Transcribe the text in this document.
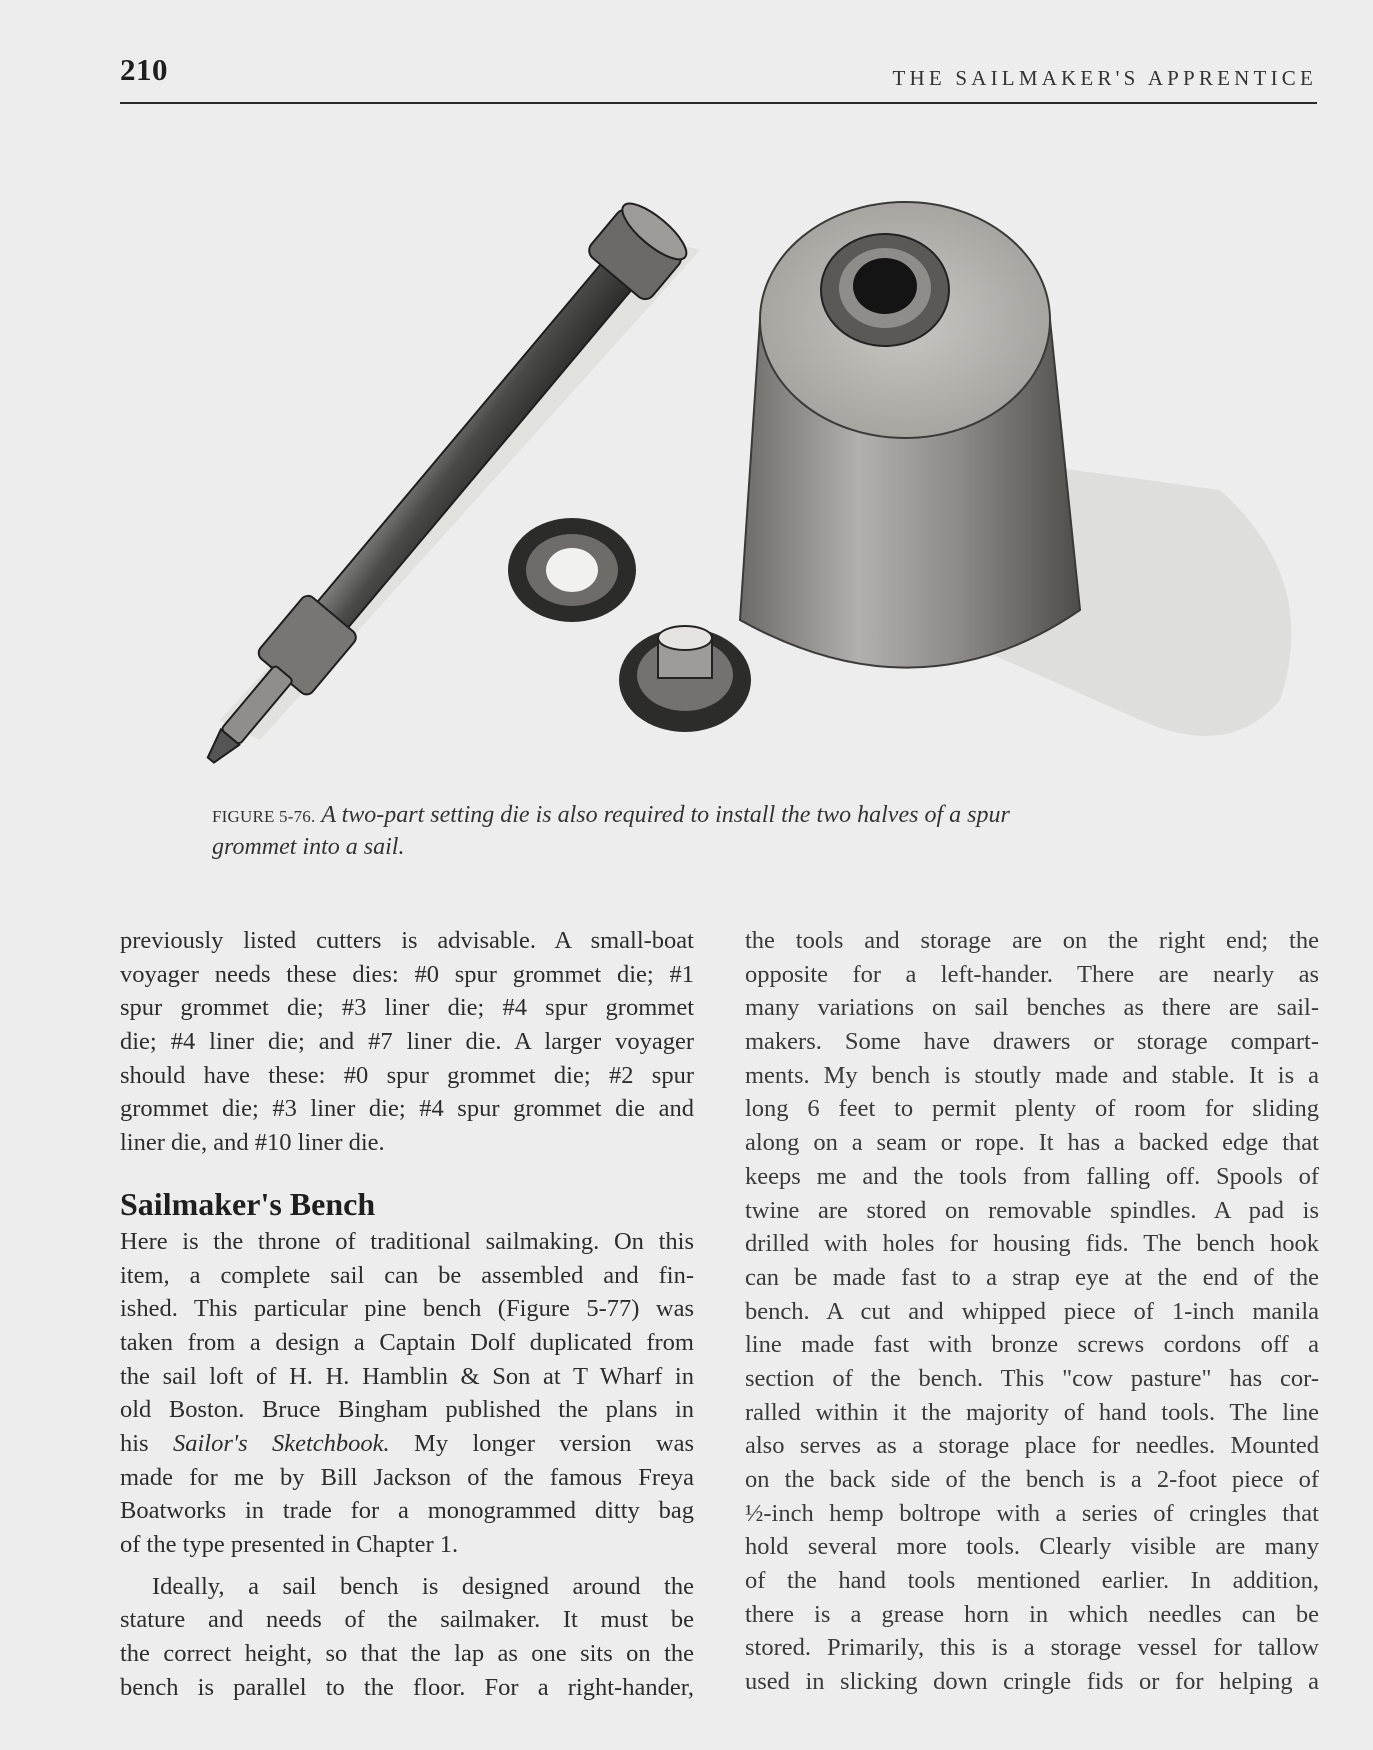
210	THE SAILMAKER'S APPRENTICE
FIGURE 5-76. A two-part setting die is also required to install the two halves of a spur
grommet into a sail.

previously listed cutters is advisable. A small-boat
voyager needs these dies: #0 spur grommet die; #1
spur grommet die; #3 liner die; #4 spur grommet
die; #4 liner die; and #7 liner die. A larger voyager
should have these: #0 spur grommet die; #2 spur
grommet die; #3 liner die; #4 spur grommet die and
liner die, and #10 liner die.

Sailmaker's Bench

Here is the throne of traditional sailmaking. On this
item, a complete sail can be assembled and fin-
ished. This particular pine bench (Figure 5-77) was
taken from a design a Captain Dolf duplicated from
the sail loft of H. H. Hamblin & Son at T Wharf in
old Boston. Bruce Bingham published the plans in
his Sailor's Sketchbook. My longer version was
made for me by Bill Jackson of the famous Freya
Boatworks in trade for a monogrammed ditty bag
of the type presented in Chapter 1.

Ideally, a sail bench is designed around the
stature and needs of the sailmaker. It must be
the correct height, so that the lap as one sits on the
bench is parallel to the floor. For a right-hander,

the tools and storage are on the right end; the
opposite for a left-hander. There are nearly as
many variations on sail benches as there are sail-
makers. Some have drawers or storage compart-
ments. My bench is stoutly made and stable. It is a
long 6 feet to permit plenty of room for sliding
along on a seam or rope. It has a backed edge that
keeps me and the tools from falling off. Spools of
twine are stored on removable spindles. A pad is
drilled with holes for housing fids. The bench hook
can be made fast to a strap eye at the end of the
bench. A cut and whipped piece of 1-inch manila
line made fast with bronze screws cordons off a
section of the bench. This "cow pasture" has cor-
ralled within it the majority of hand tools. The line
also serves as a storage place for needles. Mounted
on the back side of the bench is a 2-foot piece of
½-inch hemp boltrope with a series of cringles that
hold several more tools. Clearly visible are many
of the hand tools mentioned earlier. In addition,
there is a grease horn in which needles can be
stored. Primarily, this is a storage vessel for tallow
used in slicking down cringle fids or for helping a
